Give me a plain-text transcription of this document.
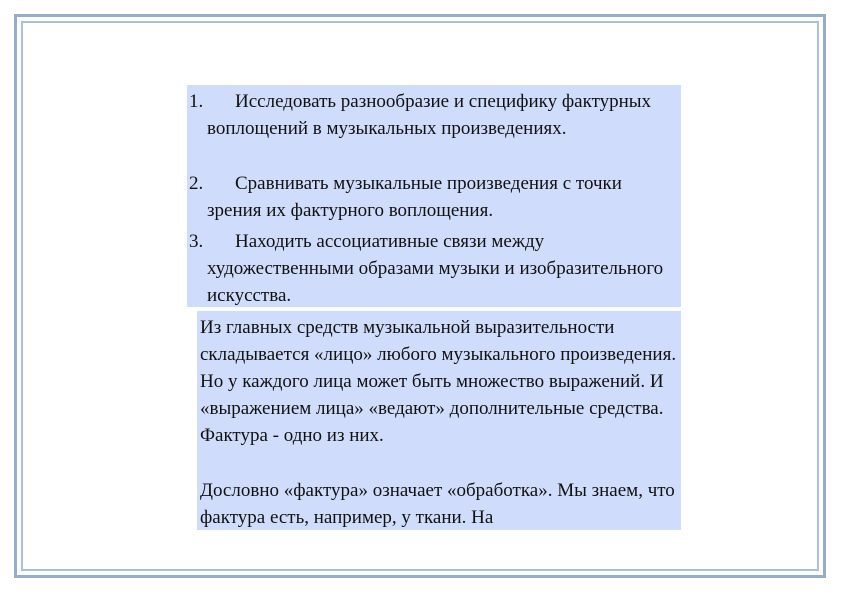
1.	Исследовать разнообразие и специфику фактурных воплощений в музыкальных произведениях.
2.	Сравнивать музыкальные произведения с точки зрения их фактурного воплощения.
3.	Находить ассоциативные связи между художественными образами музыки и изобразительного искусства.

Из главных средств музыкальной выразительности складывается «лицо» любого музыкального произведения. Но у каждого лица может быть множество выражений. И «выражением лица» «ведают» дополнительные средства. Фактура - одно из них.

Дословно «фактура» означает «обработка». Мы знаем, что фактура есть, например, у ткани. На
